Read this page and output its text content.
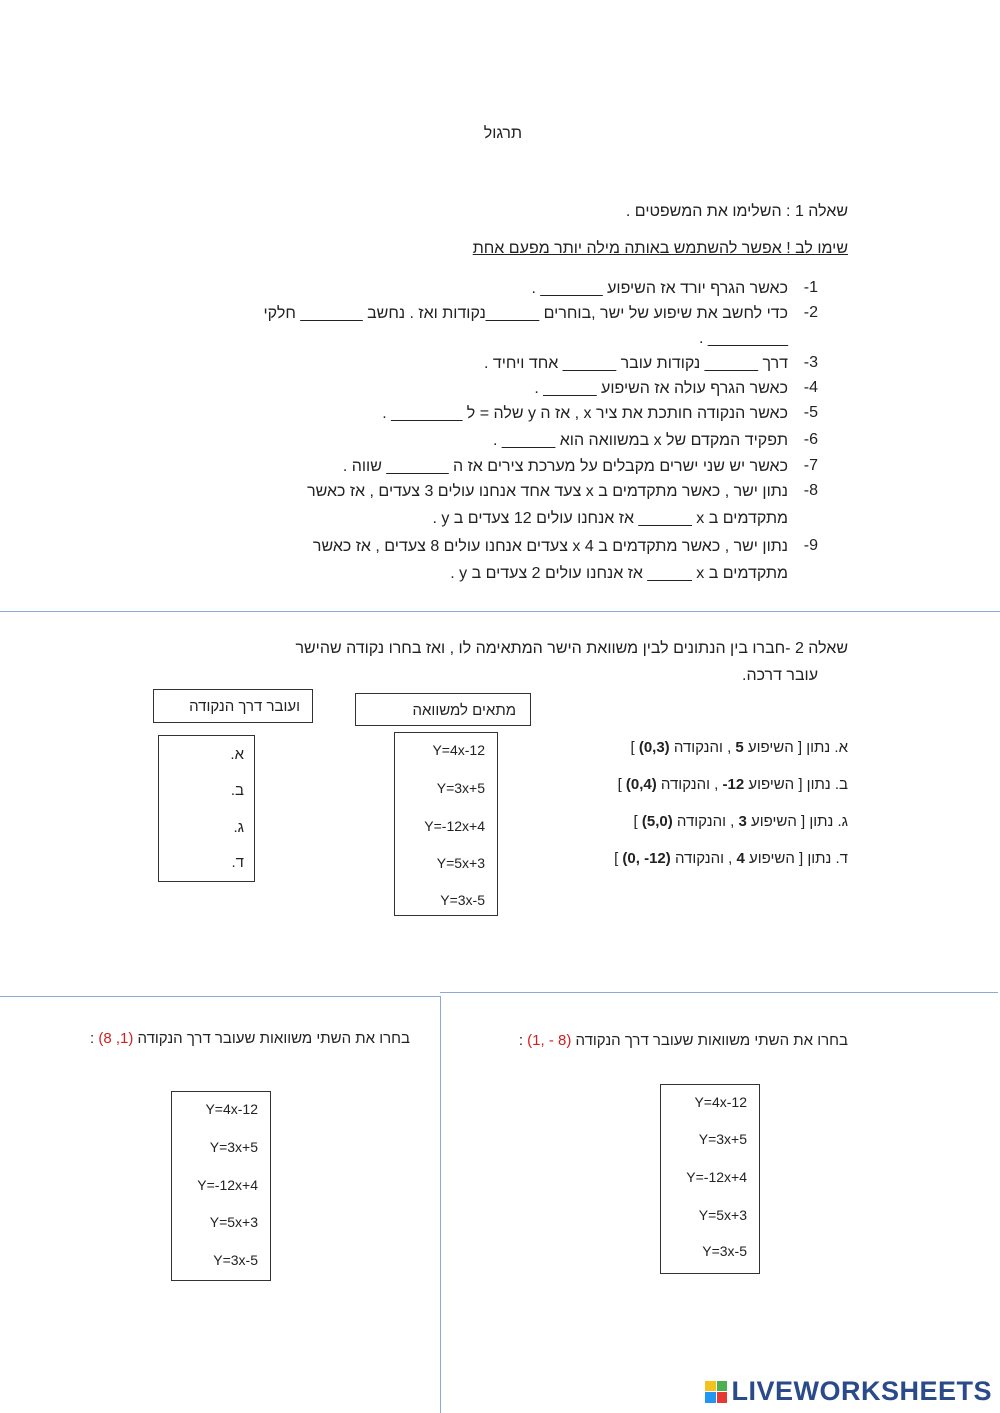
תרגול
שאלה 1 : השלימו את המשפטים .
שימו לב ! אפשר להשתמש באותה מילה יותר מפעם אחת
כאשר הגרף יורד אז השיפוע _______ . -1
כדי לחשב את שיפוע של ישר ,בוחרים ______נקודות ואז . נחשב _______ חלקי -2
_________ .
דרך ______ נקודות עובר ______ אחד ויחיד . -3
כאשר הגרף עולה אז השיפוע ______ . -4
כאשר הנקודה חותכת את ציר x , אז ה y שלה = ל ________ . -5
תפקיד המקדם של x במשוואה הוא ______ . -6
כאשר יש שני ישרים מקבלים על מערכת צירים אז ה _______ שווה . -7
נתון ישר , כאשר מתקדמים ב x צעד אחד אנחנו עולים 3 צעדים , אז כאשר -8
מתקדמים ב x ______ אז אנחנו עולים 12 צעדים ב y .
נתון ישר , כאשר מתקדמים ב x 4 צעדים אנחנו עולים 8 צעדים , אז כאשר -9
מתקדמים ב x _____ אז אנחנו עולים 2 צעדים ב y .
שאלה 2 -חברו בין הנתונים לבין משוואת הישר המתאימה לו , ואז בחרו נקודה שהישר
עובר דרכה.
ועובר דרך הנקודה	מתאים למשוואה
א.
ב.
ג.
ד.
Y=4x-12
Y=3x+5
Y=-12x+4
Y=5x+3
Y=3x-5
א. נתון [ השיפוע 5 , והנקודה (0,3) ]
ב. נתון [ השיפוע 12- , והנקודה (0,4) ]
ג. נתון [ השיפוע 3 , והנקודה (5,0) ]
ד. נתון [ השיפוע 4 , והנקודה (12- ,0) ]
בחרו את השתי משוואות שעובר דרך הנקודה (1, 8) :
Y=4x-12
Y=3x+5
Y=-12x+4
Y=5x+3
Y=3x-5
בחרו את השתי משוואות שעובר דרך הנקודה (8 - ,1) :
Y=4x-12
Y=3x+5
Y=-12x+4
Y=5x+3
Y=3x-5
LIVEWORKSHEETS
